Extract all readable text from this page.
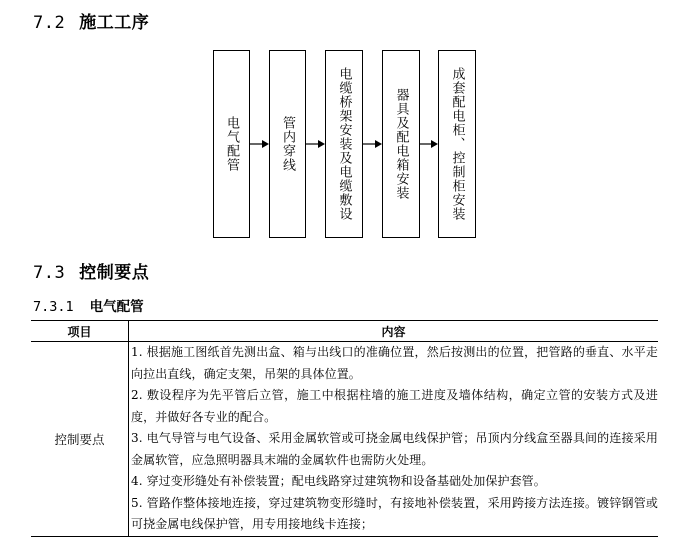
7.2 施工工序
电气配管	管内穿线	电缆桥架安装及电缆敷设	器具及配电箱安装	成套配电柜、控制柜安装
7.3 控制要点
7.3.1 电气配管
项目	内容
控制要点	1. 根据施工图纸首先测出盒、箱与出线口的准确位置，然后按测出的位置，把管路的垂直、水平走向拉出直线，确定支架，吊架的具体位置。
2. 敷设程序为先平管后立管，施工中根据柱墙的施工进度及墙体结构，确定立管的安装方式及进度，并做好各专业的配合。
3. 电气导管与电气设备、采用金属软管或可挠金属电线保护管；吊顶内分线盒至器具间的连接采用金属软管，应急照明器具末端的金属软件也需防火处理。
4. 穿过变形缝处有补偿装置；配电线路穿过建筑物和设备基础处加保护套管。
5. 管路作整体接地连接，穿过建筑物变形缝时，有接地补偿装置，采用跨接方法连接。镀锌钢管或可挠金属电线保护管，用专用接地线卡连接；
